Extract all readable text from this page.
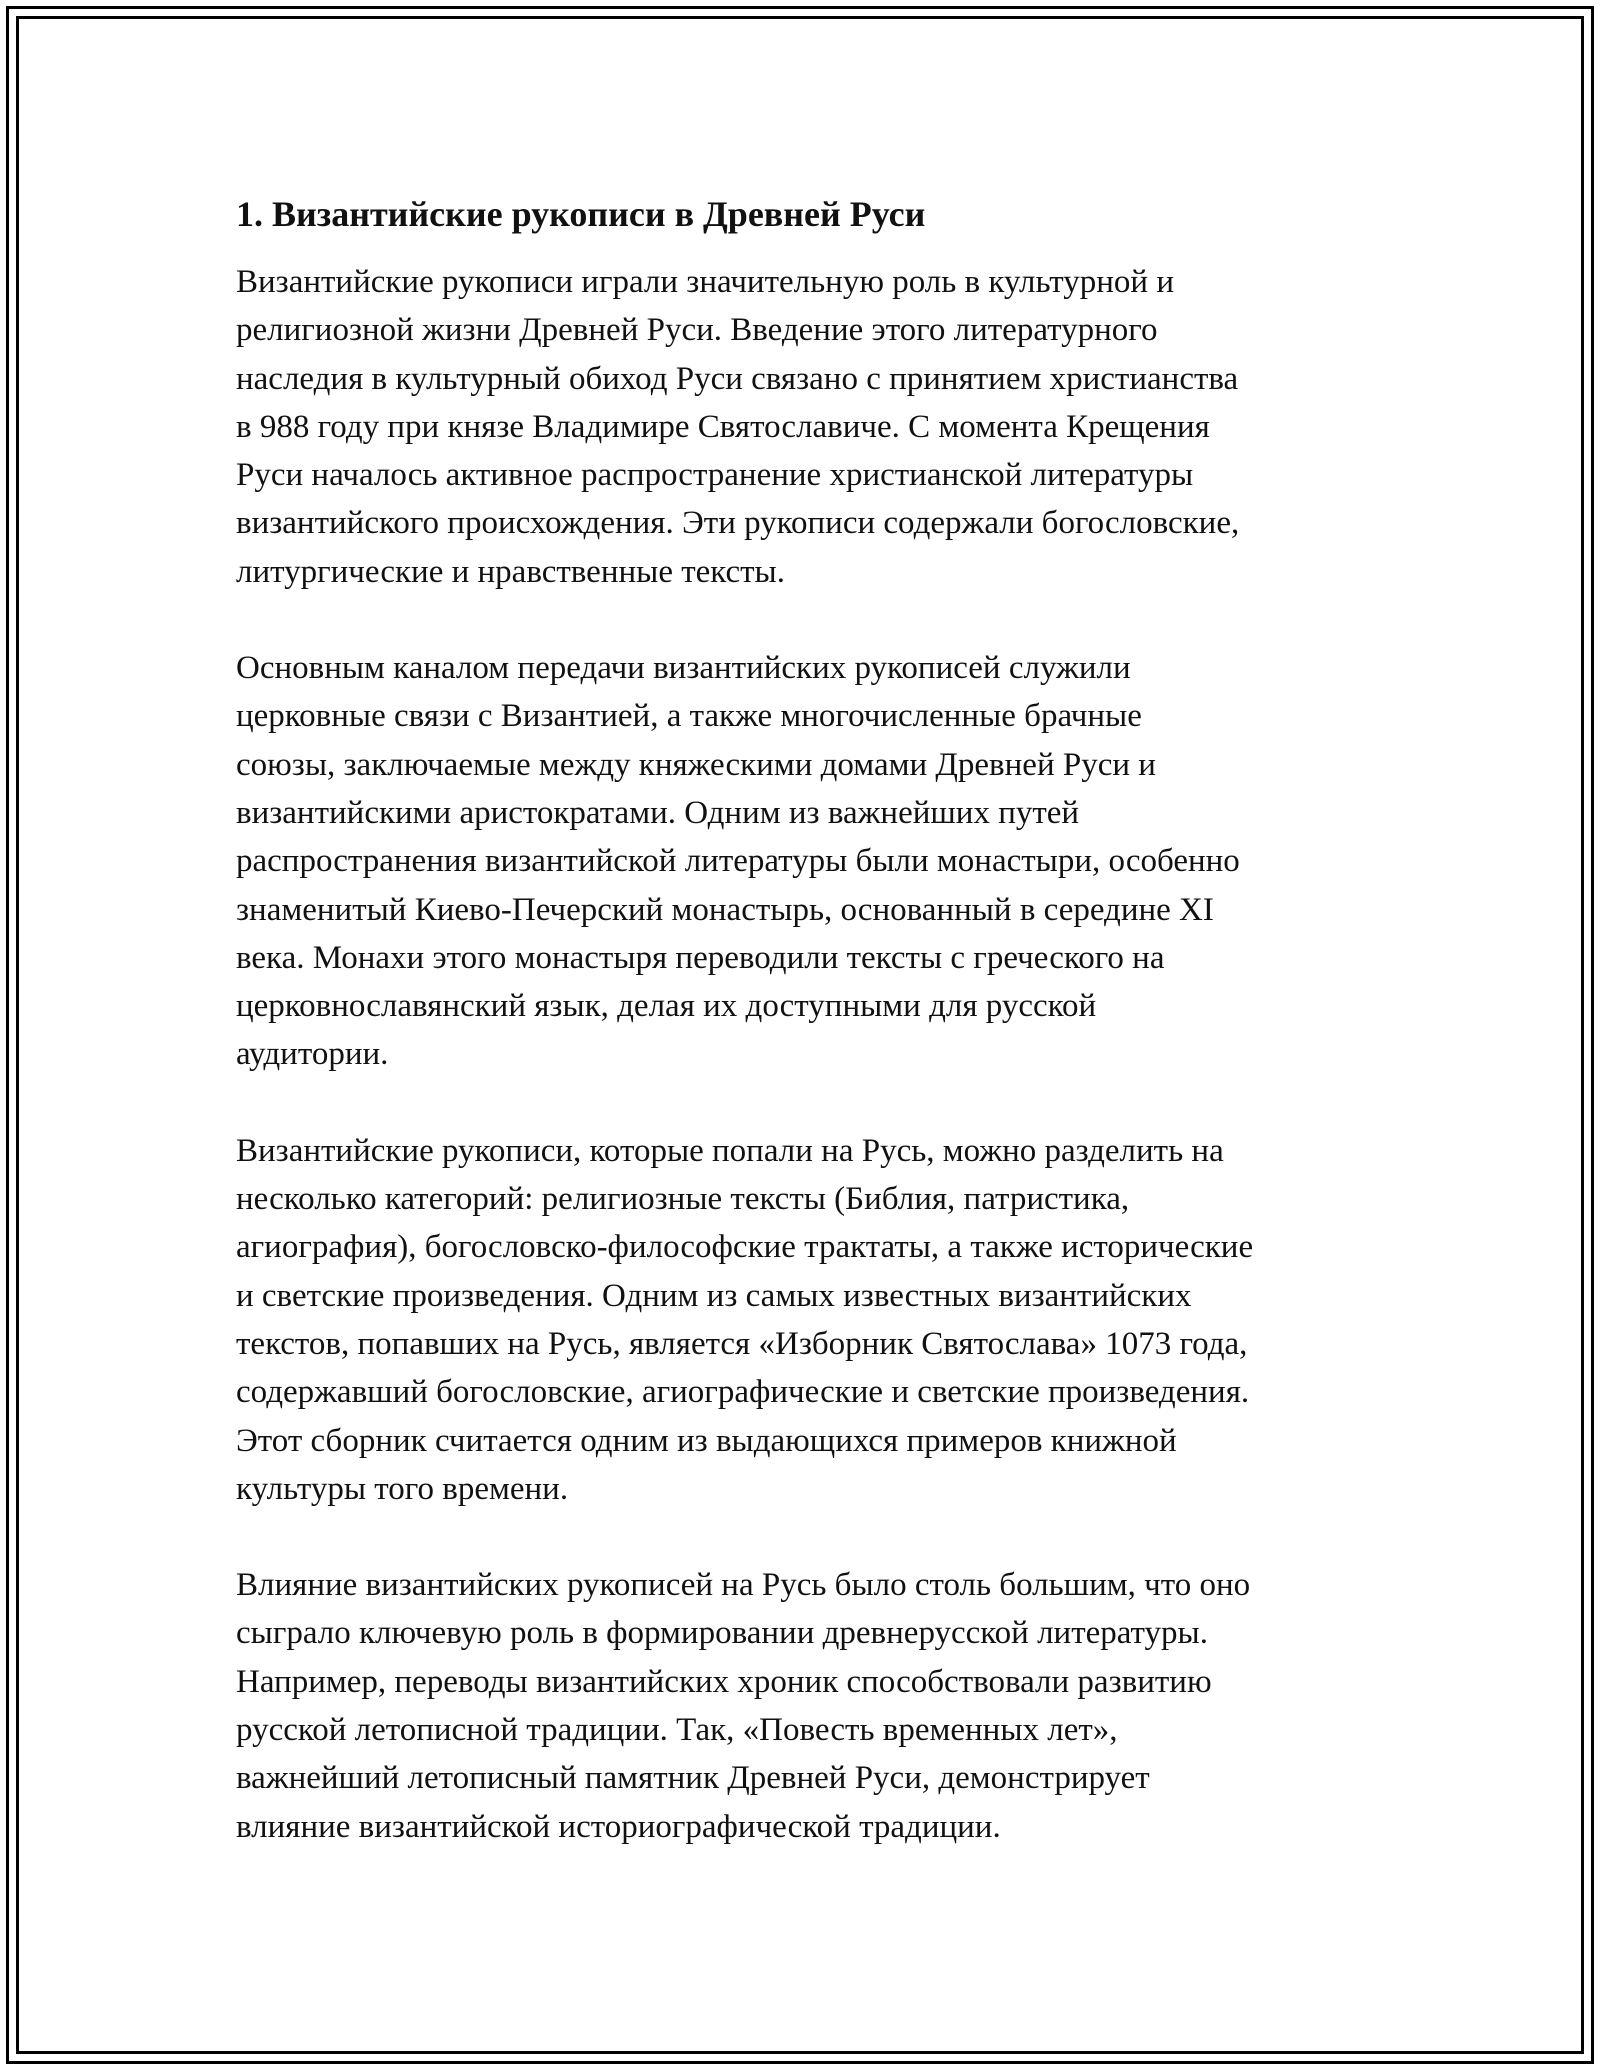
1. Византийские рукописи в Древней Руси

Византийские рукописи играли значительную роль в культурной и
религиозной жизни Древней Руси. Введение этого литературного
наследия в культурный обиход Руси связано с принятием христианства
в 988 году при князе Владимире Святославиче. С момента Крещения
Руси началось активное распространение христианской литературы
византийского происхождения. Эти рукописи содержали богословские,
литургические и нравственные тексты.

Основным каналом передачи византийских рукописей служили
церковные связи с Византией, а также многочисленные брачные
союзы, заключаемые между княжескими домами Древней Руси и
византийскими аристократами. Одним из важнейших путей
распространения византийской литературы были монастыри, особенно
знаменитый Киево-Печерский монастырь, основанный в середине XI
века. Монахи этого монастыря переводили тексты с греческого на
церковнославянский язык, делая их доступными для русской
аудитории.

Византийские рукописи, которые попали на Русь, можно разделить на
несколько категорий: религиозные тексты (Библия, патристика,
агиография), богословско-философские трактаты, а также исторические
и светские произведения. Одним из самых известных византийских
текстов, попавших на Русь, является «Изборник Святослава» 1073 года,
содержавший богословские, агиографические и светские произведения.
Этот сборник считается одним из выдающихся примеров книжной
культуры того времени.

Влияние византийских рукописей на Русь было столь большим, что оно
сыграло ключевую роль в формировании древнерусской литературы.
Например, переводы византийских хроник способствовали развитию
русской летописной традиции. Так, «Повесть временных лет»,
важнейший летописный памятник Древней Руси, демонстрирует
влияние византийской историографической традиции.
